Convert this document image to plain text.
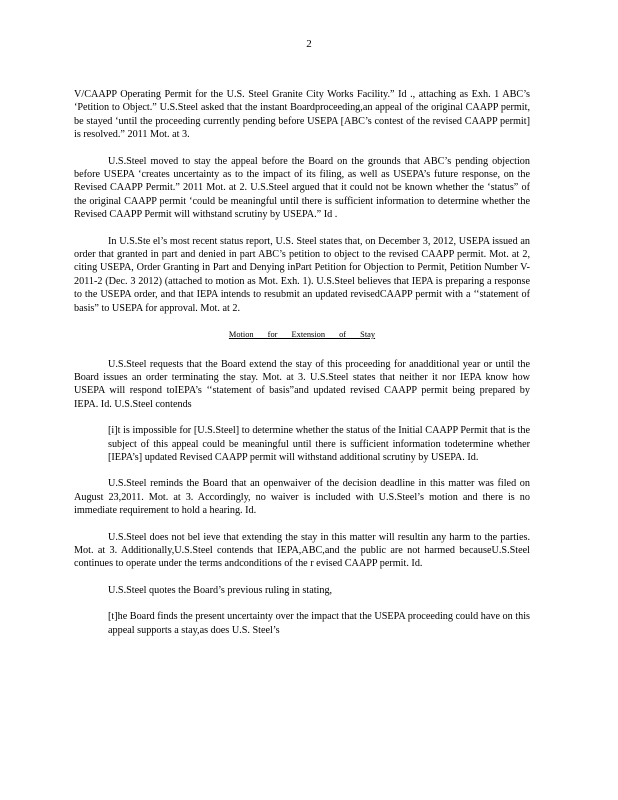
2

V/CAAPP Operating Permit for the U.S. Steel Granite City Works Facility.” Id ., attaching as Exh. 1 ABC’s ‘Petition to Object.” U.S.Steel asked that the instant Boardproceeding,an appeal of the original CAAPP permit, be stayed ‘until the proceeding currently pending before USEPA [ABC’s contest of the revised CAAPP permit] is resolved.” 2011 Mot. at 3.

U.S.Steel moved to stay the appeal before the Board on the grounds that ABC’s pending objection before USEPA ‘creates uncertainty as to the impact of its filing, as well as USEPA’s future response, on the Revised CAAPP Permit.” 2011 Mot. at 2. U.S.Steel argued that it could not be known whether the ‘status” of the original CAAPP permit ‘could be meaningful until there is sufficient information to determine whether the Revised CAAPP Permit will withstand scrutiny by USEPA.” Id .

In U.S.Ste el’s most recent status report, U.S. Steel states that, on December 3, 2012, USEPA issued an order that granted in part and denied in part ABC’s petition to object to the revised CAAPP permit. Mot. at 2, citing USEPA, Order Granting in Part and Denying inPart Petition for Objection to Permit, Petition Number V-2011-2 (Dec. 3 2012) (attached to motion as Mot. Exh. 1). U.S.Steel believes that IEPA is preparing a response to the USEPA order, and that IEPA intends to resubmit an updated revisedCAAPP permit with a ‘‘statement of basis” to USEPA for approval. Mot. at 2.

Motion for Extension of Stay

U.S.Steel requests that the Board extend the stay of this proceeding for anadditional year or until the Board issues an order terminating the stay. Mot. at 3. U.S.Steel states that neither it nor IEPA know how USEPA will respond toIEPA’s ‘‘statement of basis”and updated revised CAAPP permit being prepared by IEPA. Id. U.S.Steel contends

[i]t is impossible for [U.S.Steel] to determine whether the status of the Initial CAAPP Permit that is the subject of this appeal could be meaningful until there is sufficient information todetermine whether [IEPA’s] updated Revised CAAPP permit will withstand additional scrutiny by USEPA. Id.

U.S.Steel reminds the Board that an openwaiver of the decision deadline in this matter was filed on August 23,2011. Mot. at 3. Accordingly, no waiver is included with U.S.Steel’s motion and there is no immediate requirement to hold a hearing. Id.

U.S.Steel does not bel ieve that extending the stay in this matter will resultin any harm to the parties. Mot. at 3. Additionally,U.S.Steel contends that IEPA,ABC,and the public are not harmed becauseU.S.Steel continues to operate under the terms andconditions of the r evised CAAPP permit. Id.

U.S.Steel quotes the Board’s previous ruling in stating,

[t]he Board finds the present uncertainty over the impact that the USEPA proceeding could have on this appeal supports a stay,as does U.S. Steel’s
